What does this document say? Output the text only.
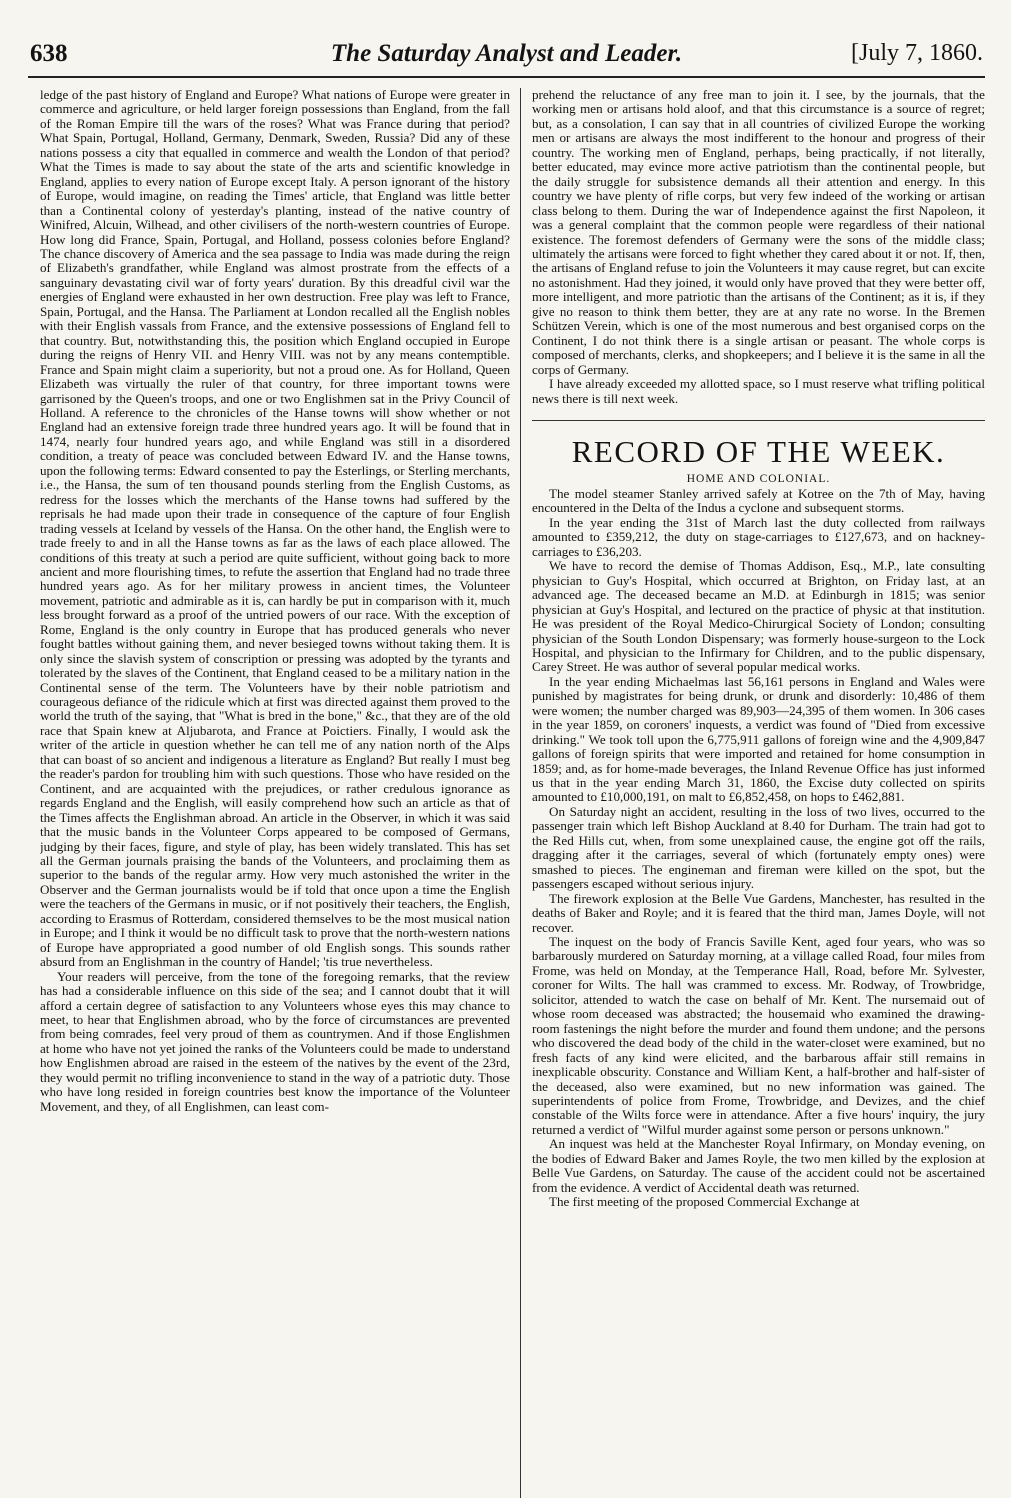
638	The Saturday Analyst and Leader.	[July 7, 1860.

ledge of the past history of England and Europe? What nations of Europe were greater in commerce and agriculture, or held larger foreign possessions than England, from the fall of the Roman Empire till the wars of the roses? What was France during that period? What Spain, Portugal, Holland, Germany, Denmark, Sweden, Russia? Did any of these nations possess a city that equalled in commerce and wealth the London of that period? What the Times is made to say about the state of the arts and scientific knowledge in England, applies to every nation of Europe except Italy. A person ignorant of the history of Europe, would imagine, on reading the Times' article, that England was little better than a Continental colony of yesterday's planting, instead of the native country of Winifred, Alcuin, Wilhead, and other civilisers of the north-western countries of Europe. How long did France, Spain, Portugal, and Holland, possess colonies before England? The chance discovery of America and the sea passage to India was made during the reign of Elizabeth's grandfather, while England was almost prostrate from the effects of a sanguinary devastating civil war of forty years' duration. By this dreadful civil war the energies of England were exhausted in her own destruction. Free play was left to France, Spain, Portugal, and the Hansa. The Parliament at London recalled all the English nobles with their English vassals from France, and the extensive possessions of England fell to that country. But, notwithstanding this, the position which England occupied in Europe during the reigns of Henry VII. and Henry VIII. was not by any means contemptible. France and Spain might claim a superiority, but not a proud one. As for Holland, Queen Elizabeth was virtually the ruler of that country, for three important towns were garrisoned by the Queen's troops, and one or two Englishmen sat in the Privy Council of Holland. A reference to the chronicles of the Hanse towns will show whether or not England had an extensive foreign trade three hundred years ago. It will be found that in 1474, nearly four hundred years ago, and while England was still in a disordered condition, a treaty of peace was concluded between Edward IV. and the Hanse towns, upon the following terms: Edward consented to pay the Esterlings, or Sterling merchants, i.e., the Hansa, the sum of ten thousand pounds sterling from the English Customs, as redress for the losses which the merchants of the Hanse towns had suffered by the reprisals he had made upon their trade in consequence of the capture of four English trading vessels at Iceland by vessels of the Hansa. On the other hand, the English were to trade freely to and in all the Hanse towns as far as the laws of each place allowed. The conditions of this treaty at such a period are quite sufficient, without going back to more ancient and more flourishing times, to refute the assertion that England had no trade three hundred years ago. As for her military prowess in ancient times, the Volunteer movement, patriotic and admirable as it is, can hardly be put in comparison with it, much less brought forward as a proof of the untried powers of our race. With the exception of Rome, England is the only country in Europe that has produced generals who never fought battles without gaining them, and never besieged towns without taking them. It is only since the slavish system of conscription or pressing was adopted by the tyrants and tolerated by the slaves of the Continent, that England ceased to be a military nation in the Continental sense of the term. The Volunteers have by their noble patriotism and courageous defiance of the ridicule which at first was directed against them proved to the world the truth of the saying, that "What is bred in the bone," &c., that they are of the old race that Spain knew at Aljubarota, and France at Poictiers. Finally, I would ask the writer of the article in question whether he can tell me of any nation north of the Alps that can boast of so ancient and indigenous a literature as England? But really I must beg the reader's pardon for troubling him with such questions. Those who have resided on the Continent, and are acquainted with the prejudices, or rather credulous ignorance as regards England and the English, will easily comprehend how such an article as that of the Times affects the Englishman abroad. An article in the Observer, in which it was said that the music bands in the Volunteer Corps appeared to be composed of Germans, judging by their faces, figure, and style of play, has been widely translated. This has set all the German journals praising the bands of the Volunteers, and proclaiming them as superior to the bands of the regular army. How very much astonished the writer in the Observer and the German journalists would be if told that once upon a time the English were the teachers of the Germans in music, or if not positively their teachers, the English, according to Erasmus of Rotterdam, considered themselves to be the most musical nation in Europe; and I think it would be no difficult task to prove that the north-western nations of Europe have appropriated a good number of old English songs. This sounds rather absurd from an Englishman in the country of Handel; 'tis true nevertheless.

Your readers will perceive, from the tone of the foregoing remarks, that the review has had a considerable influence on this side of the sea; and I cannot doubt that it will afford a certain degree of satisfaction to any Volunteers whose eyes this may chance to meet, to hear that Englishmen abroad, who by the force of circumstances are prevented from being comrades, feel very proud of them as countrymen. And if those Englishmen at home who have not yet joined the ranks of the Volunteers could be made to understand how Englishmen abroad are raised in the esteem of the natives by the event of the 23rd, they would permit no trifling inconvenience to stand in the way of a patriotic duty. Those who have long resided in foreign countries best know the importance of the Volunteer Movement, and they, of all Englishmen, can least com-

prehend the reluctance of any free man to join it. I see, by the journals, that the working men or artisans hold aloof, and that this circumstance is a source of regret; but, as a consolation, I can say that in all countries of civilized Europe the working men or artisans are always the most indifferent to the honour and progress of their country. The working men of England, perhaps, being practically, if not literally, better educated, may evince more active patriotism than the continental people, but the daily struggle for subsistence demands all their attention and energy. In this country we have plenty of rifle corps, but very few indeed of the working or artisan class belong to them. During the war of Independence against the first Napoleon, it was a general complaint that the common people were regardless of their national existence. The foremost defenders of Germany were the sons of the middle class; ultimately the artisans were forced to fight whether they cared about it or not. If, then, the artisans of England refuse to join the Volunteers it may cause regret, but can excite no astonishment. Had they joined, it would only have proved that they were better off, more intelligent, and more patriotic than the artisans of the Continent; as it is, if they give no reason to think them better, they are at any rate no worse. In the Bremen Schützen Verein, which is one of the most numerous and best organised corps on the Continent, I do not think there is a single artisan or peasant. The whole corps is composed of merchants, clerks, and shopkeepers; and I believe it is the same in all the corps of Germany.

I have already exceeded my allotted space, so I must reserve what trifling political news there is till next week.

RECORD OF THE WEEK.
HOME AND COLONIAL.

The model steamer Stanley arrived safely at Kotree on the 7th of May, having encountered in the Delta of the Indus a cyclone and subsequent storms.

In the year ending the 31st of March last the duty collected from railways amounted to £359,212, the duty on stage-carriages to £127,673, and on hackney-carriages to £36,203.

We have to record the demise of Thomas Addison, Esq., M.P., late consulting physician to Guy's Hospital, which occurred at Brighton, on Friday last, at an advanced age. The deceased became an M.D. at Edinburgh in 1815; was senior physician at Guy's Hospital, and lectured on the practice of physic at that institution. He was president of the Royal Medico-Chirurgical Society of London; consulting physician of the South London Dispensary; was formerly house-surgeon to the Lock Hospital, and physician to the Infirmary for Children, and to the public dispensary, Carey Street. He was author of several popular medical works.

In the year ending Michaelmas last 56,161 persons in England and Wales were punished by magistrates for being drunk, or drunk and disorderly: 10,486 of them were women; the number charged was 89,903—24,395 of them women. In 306 cases in the year 1859, on coroners' inquests, a verdict was found of "Died from excessive drinking." We took toll upon the 6,775,911 gallons of foreign wine and the 4,909,847 gallons of foreign spirits that were imported and retained for home consumption in 1859; and, as for home-made beverages, the Inland Revenue Office has just informed us that in the year ending March 31, 1860, the Excise duty collected on spirits amounted to £10,000,191, on malt to £6,852,458, on hops to £462,881.

On Saturday night an accident, resulting in the loss of two lives, occurred to the passenger train which left Bishop Auckland at 8.40 for Durham. The train had got to the Red Hills cut, when, from some unexplained cause, the engine got off the rails, dragging after it the carriages, several of which (fortunately empty ones) were smashed to pieces. The engineman and fireman were killed on the spot, but the passengers escaped without serious injury.

The firework explosion at the Belle Vue Gardens, Manchester, has resulted in the deaths of Baker and Royle; and it is feared that the third man, James Doyle, will not recover.

The inquest on the body of Francis Saville Kent, aged four years, who was so barbarously murdered on Saturday morning, at a village called Road, four miles from Frome, was held on Monday, at the Temperance Hall, Road, before Mr. Sylvester, coroner for Wilts. The hall was crammed to excess. Mr. Rodway, of Trowbridge, solicitor, attended to watch the case on behalf of Mr. Kent. The nursemaid out of whose room deceased was abstracted; the housemaid who examined the drawing-room fastenings the night before the murder and found them undone; and the persons who discovered the dead body of the child in the water-closet were examined, but no fresh facts of any kind were elicited, and the barbarous affair still remains in inexplicable obscurity. Constance and William Kent, a half-brother and half-sister of the deceased, also were examined, but no new information was gained. The superintendents of police from Frome, Trowbridge, and Devizes, and the chief constable of the Wilts force were in attendance. After a five hours' inquiry, the jury returned a verdict of "Wilful murder against some person or persons unknown."

An inquest was held at the Manchester Royal Infirmary, on Monday evening, on the bodies of Edward Baker and James Royle, the two men killed by the explosion at Belle Vue Gardens, on Saturday. The cause of the accident could not be ascertained from the evidence. A verdict of Accidental death was returned.

The first meeting of the proposed Commercial Exchange at
